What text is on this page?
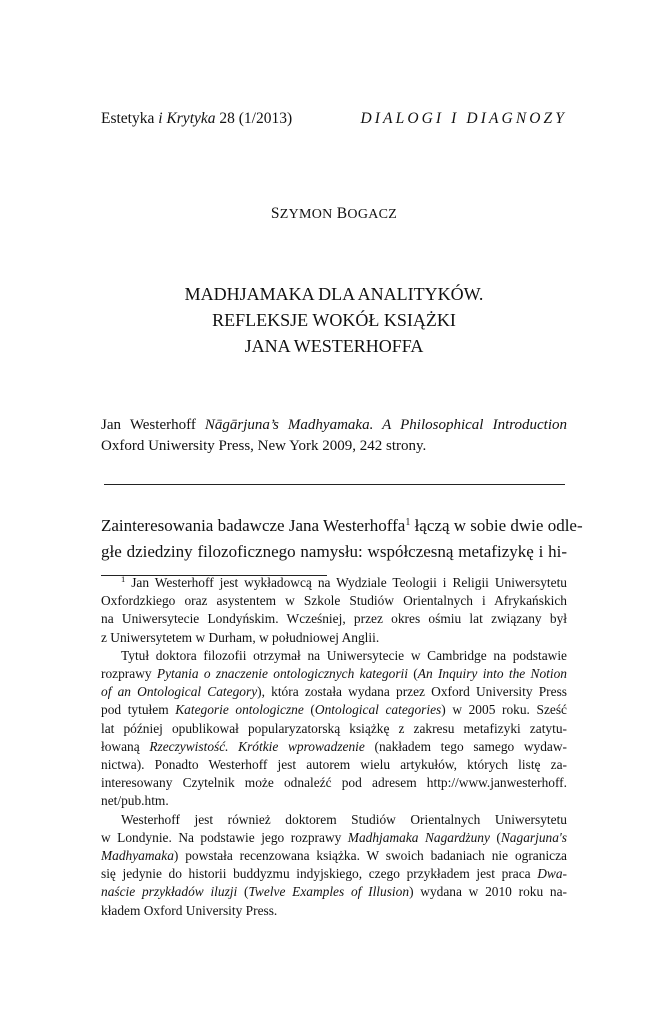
Estetyka i Krytyka 28 (1/2013)	DIALOGI I DIAGNOZY
SZYMON BOGACZ
MADHJAMAKA DLA ANALITYKÓW.
REFLEKSJE WOKÓŁ KSIĄŻKI
JANA WESTERHOFFA
Jan Westerhoff Nāgārjuna’s Madhyamaka. A Philosophical Introduction
Oxford Uniwersity Press, New York 2009, 242 strony.
Zainteresowania badawcze Jana Westerhoffa$^1$ łączą w sobie dwie odle-
głe dziedziny filozoficznego namysłu: współczesną metafizykę i hi-
$^1$ Jan Westerhoff jest wykładowcą na Wydziale Teologii i Religii Uniwersytetu
Oxfordzkiego oraz asystentem w Szkole Studiów Orientalnych i Afrykańskich
na Uniwersytecie Londyńskim. Wcześniej, przez okres ośmiu lat związany był
z Uniwersytetem w Durham, w południowej Anglii.
Tytuł doktora filozofii otrzymał na Uniwersytecie w Cambridge na podstawie
rozprawy Pytania o znaczenie ontologicznych kategorii (An Inquiry into the Notion
of an Ontological Category), która została wydana przez Oxford University Press
pod tytułem Kategorie ontologiczne (Ontological categories) w 2005 roku. Sześć
lat później opublikował popularyzatorską książkę z zakresu metafizyki zatytu-
łowaną Rzeczywistość. Krótkie wprowadzenie (nakładem tego samego wydaw-
nictwa). Ponadto Westerhoff jest autorem wielu artykułów, których listę za-
interesowany Czytelnik może odnaleźć pod adresem http://www.janwesterhoff.
net/pub.htm.
Westerhoff jest również doktorem Studiów Orientalnych Uniwersytetu
w Londynie. Na podstawie jego rozprawy Madhjamaka Nagardżuny (Nagarjuna's
Madhyamaka) powstała recenzowana książka. W swoich badaniach nie ogranicza
się jedynie do historii buddyzmu indyjskiego, czego przykładem jest praca Dwa-
naście przykładów iluzji (Twelve Examples of Illusion) wydana w 2010 roku na-
kładem Oxford University Press.
